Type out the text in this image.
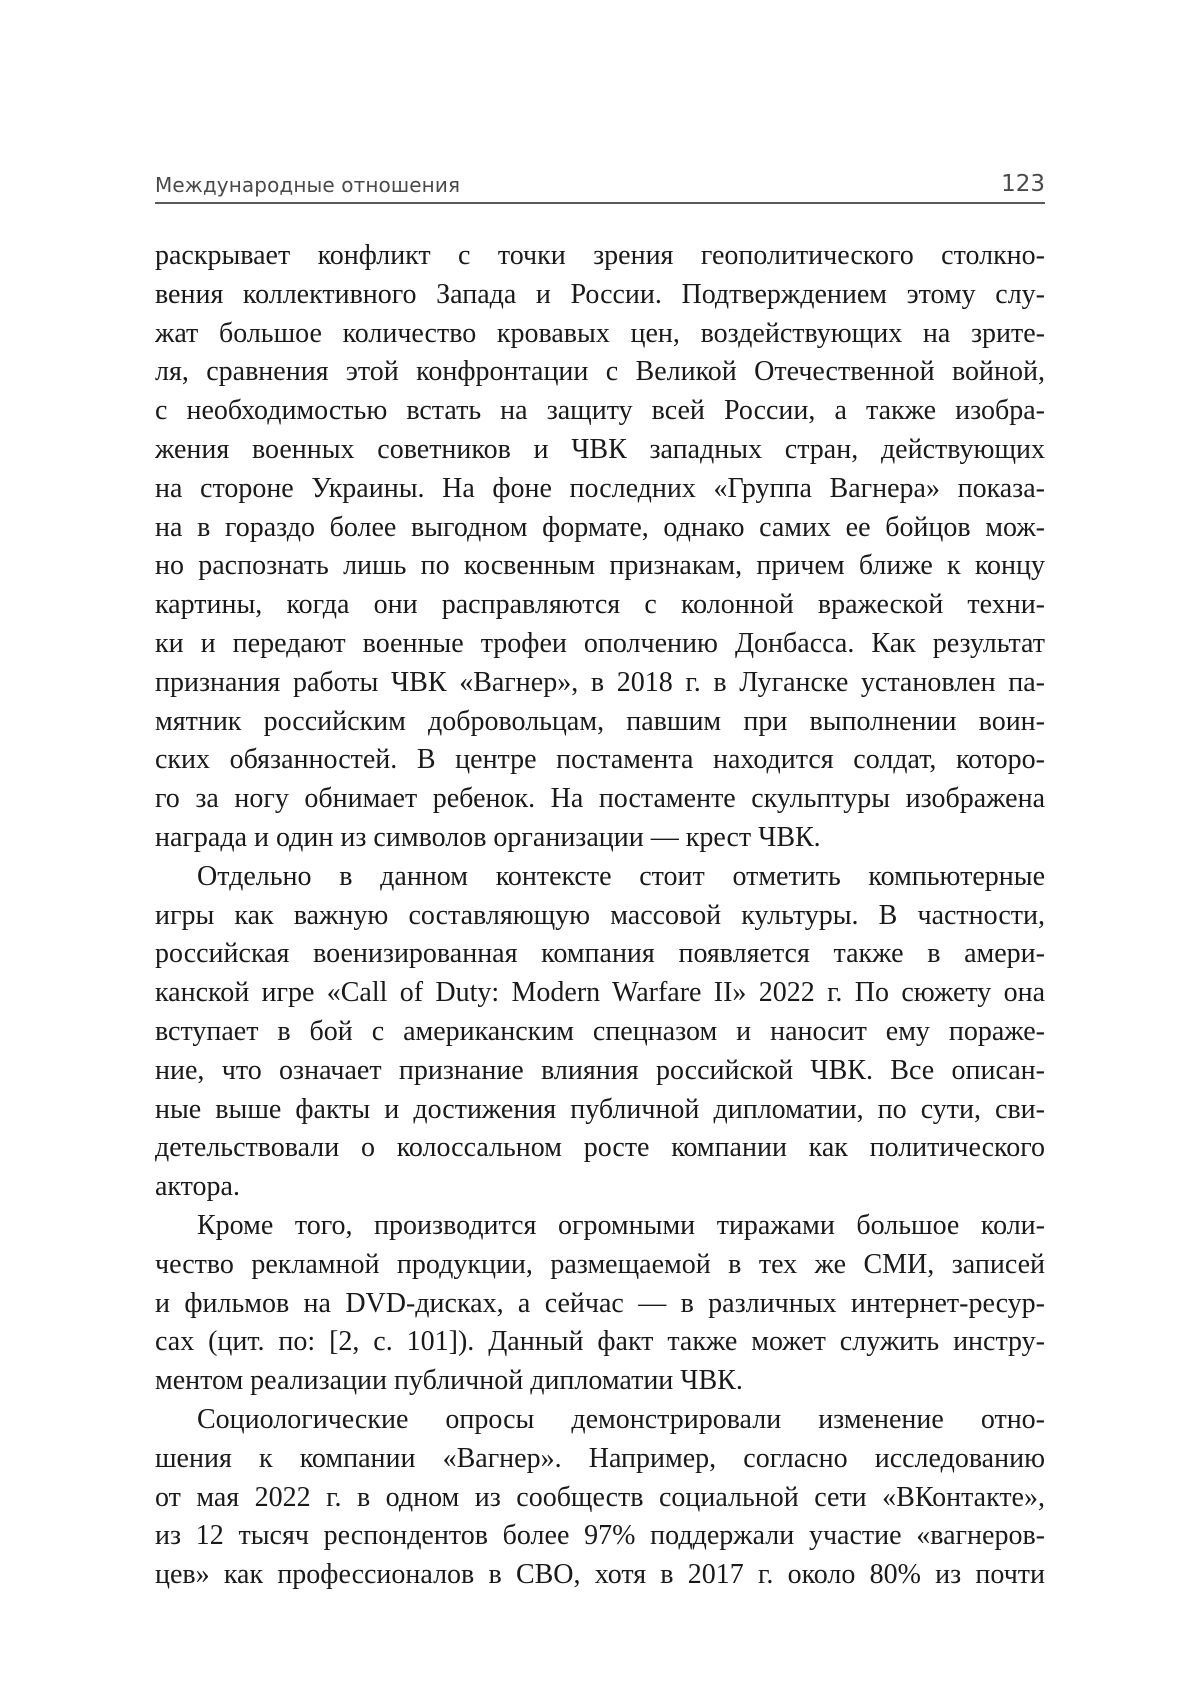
Международные отношения	123
раскрывает конфликт с точки зрения геополитического столкно-
вения коллективного Запада и России. Подтверждением этому слу-
жат большое количество кровавых цен, воздействующих на зрите-
ля, сравнения этой конфронтации с Великой Отечественной войной,
с необходимостью встать на защиту всей России, а также изобра-
жения военных советников и ЧВК западных стран, действующих
на стороне Украины. На фоне последних «Группа Вагнера» показа-
на в гораздо более выгодном формате, однако самих ее бойцов мож-
но распознать лишь по косвенным признакам, причем ближе к концу
картины, когда они расправляются с колонной вражеской техни-
ки и передают военные трофеи ополчению Донбасса. Как результат
признания работы ЧВК «Вагнер», в 2018 г. в Луганске установлен па-
мятник российским добровольцам, павшим при выполнении воин-
ских обязанностей. В центре постамента находится солдат, которо-
го за ногу обнимает ребенок. На постаменте скульптуры изображена
награда и один из символов организации — крест ЧВК.
Отдельно в данном контексте стоит отметить компьютерные
игры как важную составляющую массовой культуры. В частности,
российская военизированная компания появляется также в амери-
канской игре «Call of Duty: Modern Warfare II» 2022 г. По сюжету она
вступает в бой с американским спецназом и наносит ему пораже-
ние, что означает признание влияния российской ЧВК. Все описан-
ные выше факты и достижения публичной дипломатии, по сути, сви-
детельствовали о колоссальном росте компании как политического
актора.
Кроме того, производится огромными тиражами большое коли-
чество рекламной продукции, размещаемой в тех же СМИ, записей
и фильмов на DVD-дисках, а сейчас — в различных интернет-ресур-
сах (цит. по: [2, с. 101]). Данный факт также может служить инстру-
ментом реализации публичной дипломатии ЧВК.
Социологические опросы демонстрировали изменение отно-
шения к компании «Вагнер». Например, согласно исследованию
от мая 2022 г. в одном из сообществ социальной сети «ВКонтакте»,
из 12 тысяч респондентов более 97% поддержали участие «вагнеров-
цев» как профессионалов в СВО, хотя в 2017 г. около 80% из почти
